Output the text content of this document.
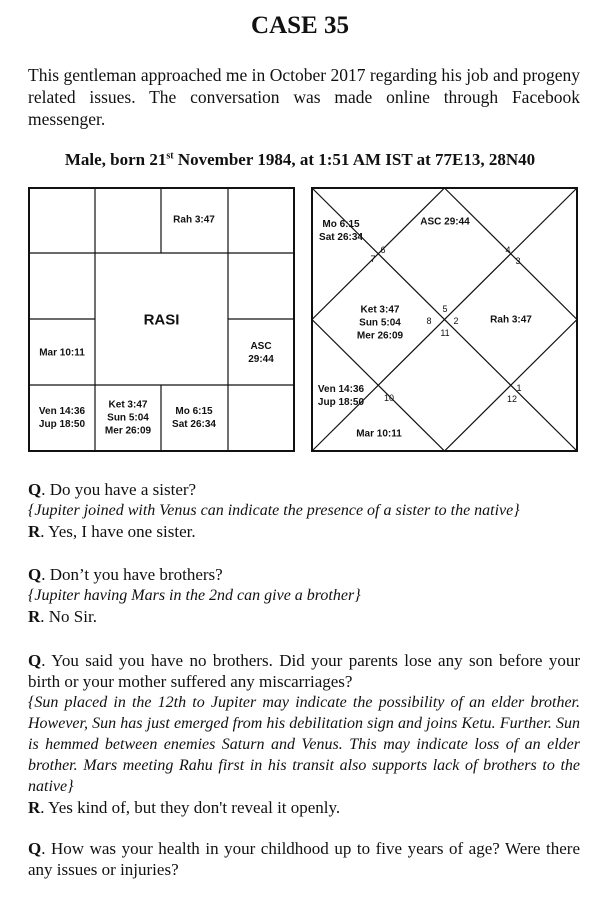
CASE 35
This gentleman approached me in October 2017 regarding his job and progeny related issues. The conversation was made online through Facebook messenger.
Male, born 21st November 1984, at 1:51 AM IST at 77E13, 28N40
RASI
Rah 3:47
Mar 10:11
ASC 29:44
Ven 14:36
Jup 18:50
Ket 3:47
Sun 5:04
Mer 26:09
Mo 6:15
Sat 26:34
ASC 29:44
Mo 6:15
Sat 26:34
Ket 3:47
Sun 5:04
Mer 26:09
Rah 3:47
Ven 14:36
Jup 18:50
Mar 10:11
6
7
4
3
5
8 2
11
10
1
12
Q. Do you have a sister?
{Jupiter joined with Venus can indicate the presence of a sister to the native}
R. Yes, I have one sister.
Q. Don’t you have brothers?
{Jupiter having Mars in the 2nd can give a brother}
R. No Sir.
Q. You said you have no brothers. Did your parents lose any son before your birth or your mother suffered any miscarriages?
{Sun placed in the 12th to Jupiter may indicate the possibility of an elder brother. However, Sun has just emerged from his debilitation sign and joins Ketu. Further. Sun is hemmed between enemies Saturn and Venus. This may indicate loss of an elder brother. Mars meeting Rahu first in his transit also supports lack of brothers to the native}
R. Yes kind of, but they don't reveal it openly.
Q. How was your health in your childhood up to five years of age? Were there any issues or injuries?
